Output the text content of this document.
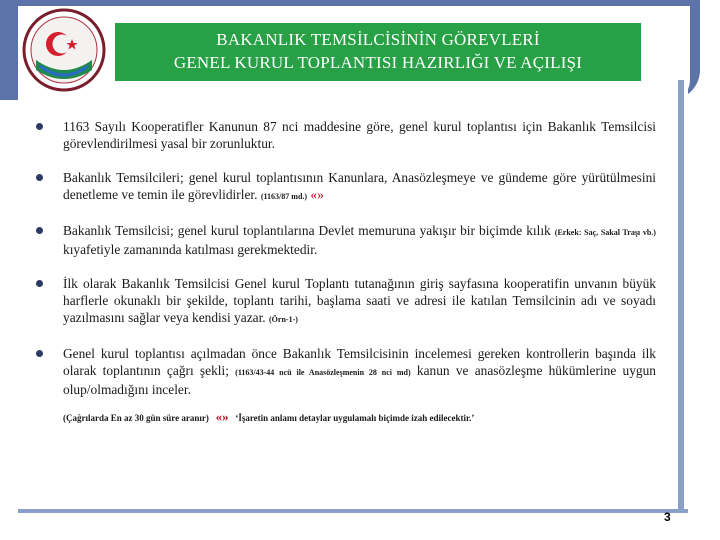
BAKANLIK TEMSİLCİSİNİN GÖREVLERİ
GENEL KURUL TOPLANTISI HAZIRLIĞI VE AÇILIŞI
1163 Sayılı Kooperatifler Kanunun 87 nci maddesine göre, genel kurul toplantısı için Bakanlık Temsilcisi görevlendirilmesi yasal bir zorunluktur.
Bakanlık Temsilcileri; genel kurul toplantısının Kanunlara, Anasözleşmeye ve gündeme göre yürütülmesini denetleme ve temin ile görevlidirler. (1163/87 md.) «»
Bakanlık Temsilcisi; genel kurul toplantılarına Devlet memuruna yakışır bir biçimde kılık (Erkek: Saç, Sakal Traşı vb.) kıyafetiyle zamanında katılması gerekmektedir.
İlk olarak Bakanlık Temsilcisi Genel kurul Toplantı tutanağının giriş sayfasına kooperatifin unvanın büyük harflerle okunaklı bir şekilde, toplantı tarihi, başlama saati ve adresi ile katılan Temsilcinin adı ve soyadı yazılmasını sağlar veya kendisi yazar. (Örn-1-)
Genel kurul toplantısı açılmadan önce Bakanlık Temsilcisinin incelemesi gereken kontrollerin başında ilk olarak toplantının çağrı şekli; (1163/43-44 ncü ile Anasözleşmenin 28 nci md) kanun ve anasözleşme hükümlerine uygun olup/olmadığını inceler.
(Çağrılarda En az 30 gün süre aranır) «» ‘İşaretin anlamı detaylar uygulamalı biçimde izah edilecektir.’
3
